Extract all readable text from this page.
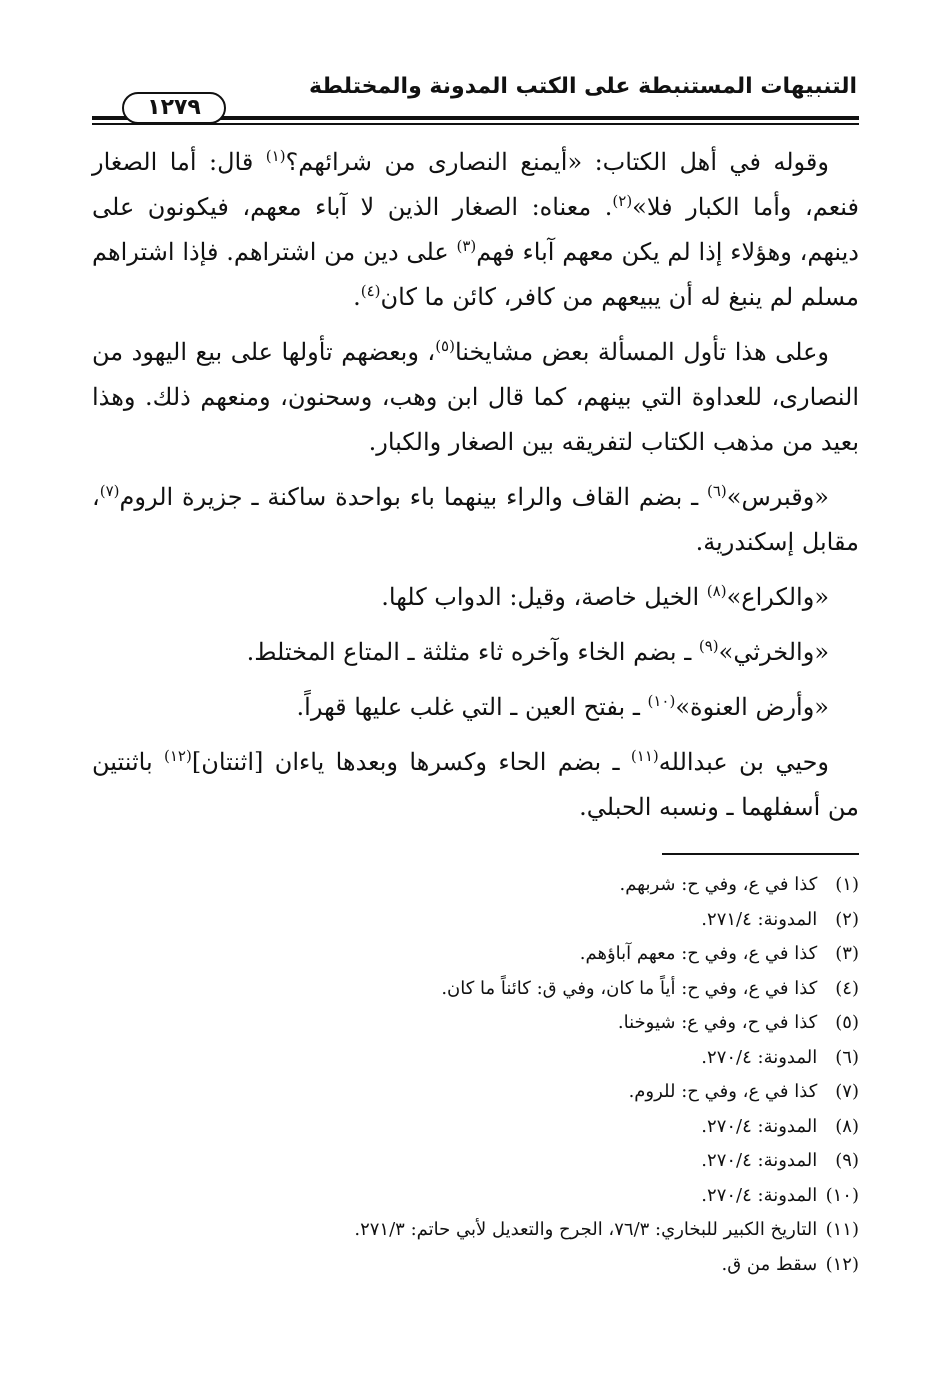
التنبيهات المستنبطة على الكتب المدونة والمختلطة
١٢٧٩

وقوله في أهل الكتاب: «أيمنع النصارى من شرائهم؟$^{(١)}$ قال: أما الصغار فنعم، وأما الكبار فلا»$^{(٢)}$. معناه: الصغار الذين لا آباء معهم، فيكونون على دينهم، وهؤلاء إذا لم يكن معهم آباء فهم$^{(٣)}$ على دين من اشتراهم. فإذا اشتراهم مسلم لم ينبغ له أن يبيعهم من كافر، كائن ما كان$^{(٤)}$.

وعلى هذا تأول المسألة بعض مشايخنا$^{(٥)}$، وبعضهم تأولها على بيع اليهود من النصارى، للعداوة التي بينهم، كما قال ابن وهب، وسحنون، ومنعهم ذلك. وهذا بعيد من مذهب الكتاب لتفريقه بين الصغار والكبار.

«وقبرس»$^{(٦)}$ ـ بضم القاف والراء بينهما باء بواحدة ساكنة ـ جزيرة الروم$^{(٧)}$، مقابل إسكندرية.

«والكراع»$^{(٨)}$ الخيل خاصة، وقيل: الدواب كلها.

«والخرثي»$^{(٩)}$ ـ بضم الخاء وآخره ثاء مثلثة ـ المتاع المختلط.

«وأرض العنوة»$^{(١٠)}$ ـ بفتح العين ـ التي غلب عليها قهراً.

وحيي بن عبدالله$^{(١١)}$ ـ بضم الحاء وكسرها وبعدها ياءان [اثنتان]$^{(١٢)}$ باثنتين من أسفلهما ـ ونسبه الحبلي.

(١) كذا في ع، وفي ح: شربهم.
(٢) المدونة: ٢٧١/٤.
(٣) كذا في ع، وفي ح: معهم آباؤهم.
(٤) كذا في ع، وفي ح: أياً ما كان، وفي ق: كائناً ما كان.
(٥) كذا في ح، وفي ع: شيوخنا.
(٦) المدونة: ٢٧٠/٤.
(٧) كذا في ع، وفي ح: للروم.
(٨) المدونة: ٢٧٠/٤.
(٩) المدونة: ٢٧٠/٤.
(١٠) المدونة: ٢٧٠/٤.
(١١) التاريخ الكبير للبخاري: ٧٦/٣، الجرح والتعديل لأبي حاتم: ٢٧١/٣.
(١٢) سقط من ق.
